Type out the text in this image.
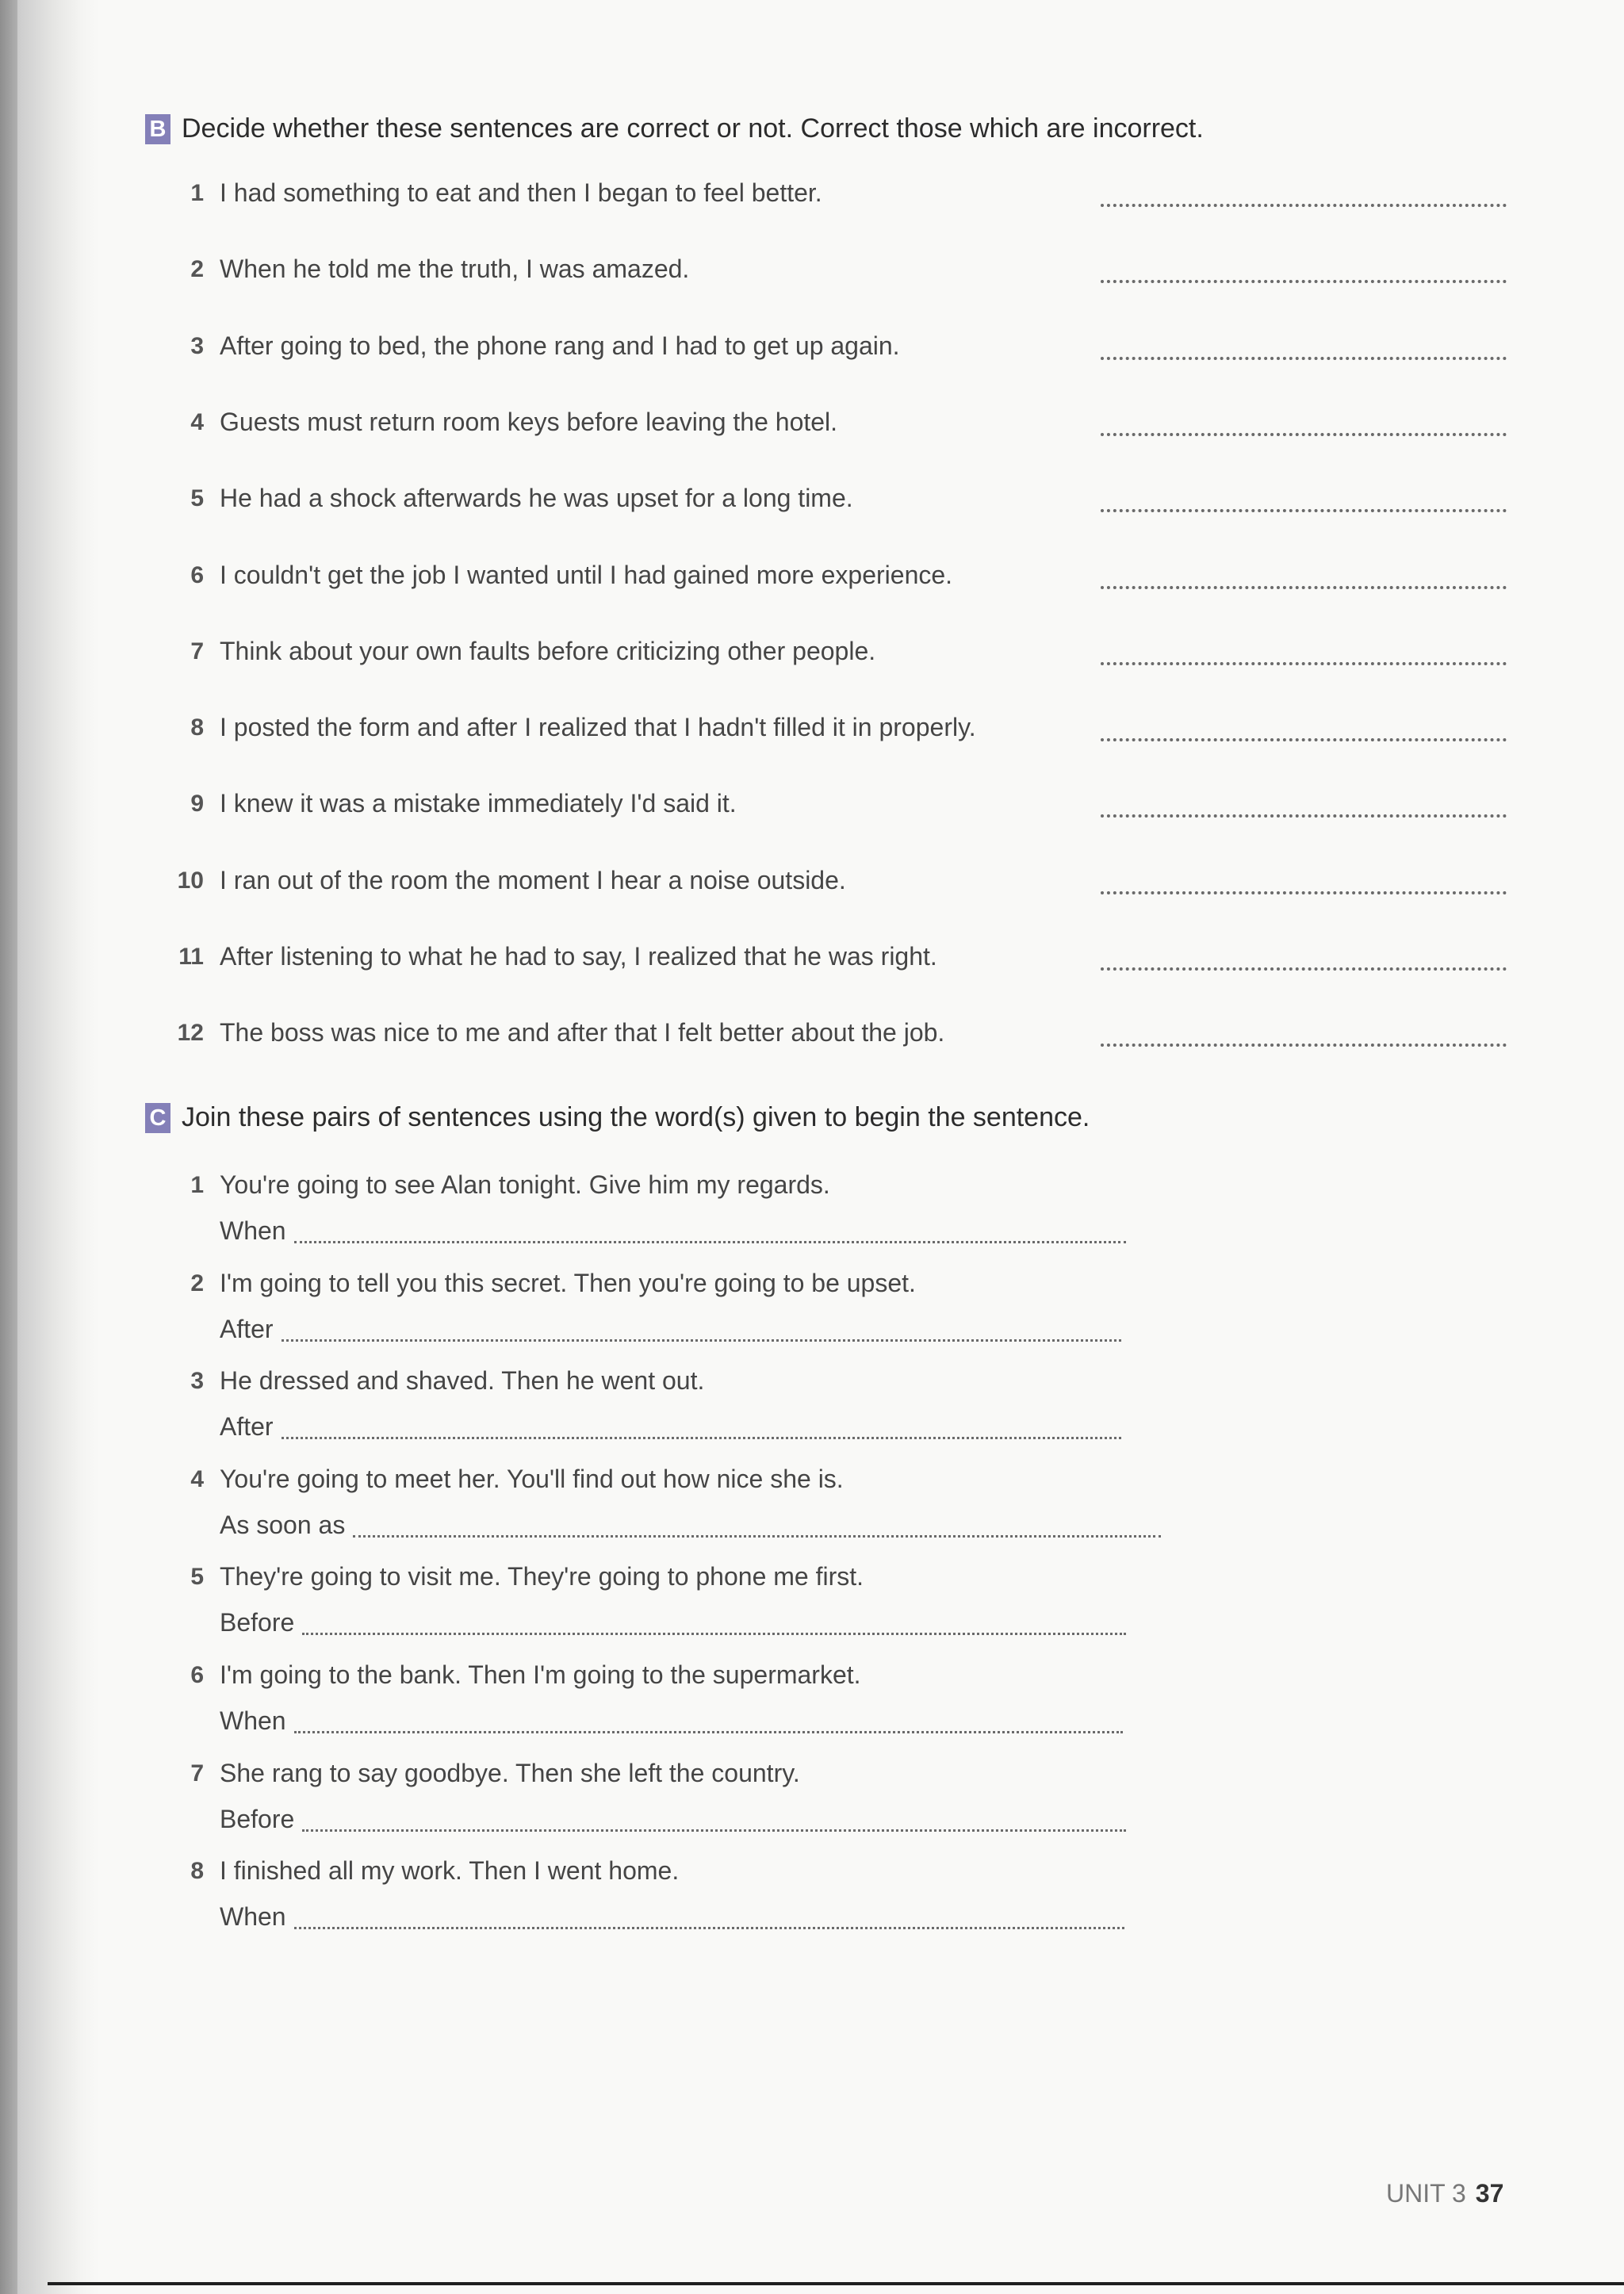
B Decide whether these sentences are correct or not. Correct those which are incorrect.
1 I had something to eat and then I began to feel better.
2 When he told me the truth, I was amazed.
3 After going to bed, the phone rang and I had to get up again.
4 Guests must return room keys before leaving the hotel.
5 He had a shock afterwards he was upset for a long time.
6 I couldn't get the job I wanted until I had gained more experience.
7 Think about your own faults before criticizing other people.
8 I posted the form and after I realized that I hadn't filled it in properly.
9 I knew it was a mistake immediately I'd said it.
10 I ran out of the room the moment I hear a noise outside.
11 After listening to what he had to say, I realized that he was right.
12 The boss was nice to me and after that I felt better about the job.
C Join these pairs of sentences using the word(s) given to begin the sentence.
1 You're going to see Alan tonight. Give him my regards.
When
2 I'm going to tell you this secret. Then you're going to be upset.
After
3 He dressed and shaved. Then he went out.
After
4 You're going to meet her. You'll find out how nice she is.
As soon as
5 They're going to visit me. They're going to phone me first.
Before
6 I'm going to the bank. Then I'm going to the supermarket.
When
7 She rang to say goodbye. Then she left the country.
Before
8 I finished all my work. Then I went home.
When
UNIT 3 37
